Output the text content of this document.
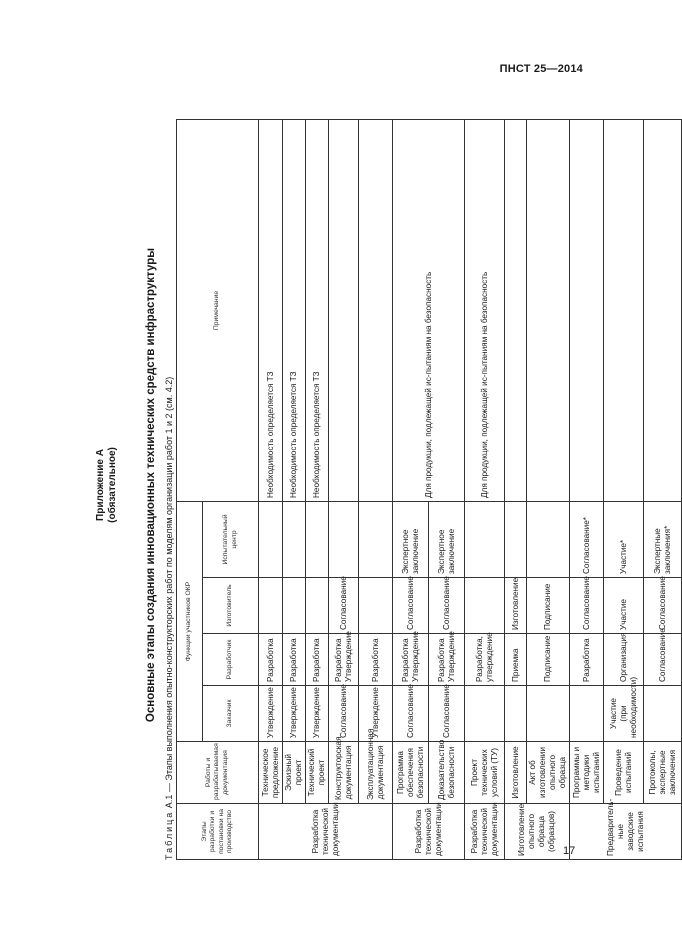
ПНСТ 25—2014
Приложение А (обязательное) Основные этапы создания инновационных технических средств инфраструктуры
Таблица А.1 — Этапы выполнения опытно-конструкторских работ по моделям организации работ 1 и 2 (см. 4.2)
Этапы разработки и постановки на производство	Работы и разрабатываемая документация	Функции участников ОКР				Примечание
		Заказчик	Разработчик	Изготовитель	Испытательный центр	
Разработка технической документации	Техническое предложение	Утверждение	Разработка			Необходимость определяется ТЗ
	Эскизный проект	Утверждение	Разработка			Необходимость определяется ТЗ
	Технический проект	Утверждение	Разработка			Необходимость определяется ТЗ
	Конструкторская документация	Согласование	Разработка Утверждение	Согласование		
	Эксплуатационная документация	Утверждение	Разработка			
Разработка технической документации	Программа обеспечения безопасности	Согласование	Разработка Утверждение	Согласование	Экспертное заключение	Для продукции, подлежащей ис-пытаниям на безопасность
	Доказательство безопасности	Согласование	Разработка Утверждение	Согласование	Экспертное заключение	
Разработка технической документации	Проект технических условий (ТУ)		Разработка, утверждение			Для продукции, подлежащей ис-пытаниям на безопасность
Изготовление опытного образца (образцов)	Изготовление		Приемка	Изготовление		
	Акт об изготовлении опытного образца		Подписание	Подписание		
Предваритель-ные заводские испытания	Программы и методики испытаний		Разработка	Согласование	Согласование*	
	Проведение испытаний	Участие (при необходимости)	Организация	Участие	Участие*	
	Протоколы, экспертные заключения		Согласование	Согласование	Экспертные заключения*	
17
